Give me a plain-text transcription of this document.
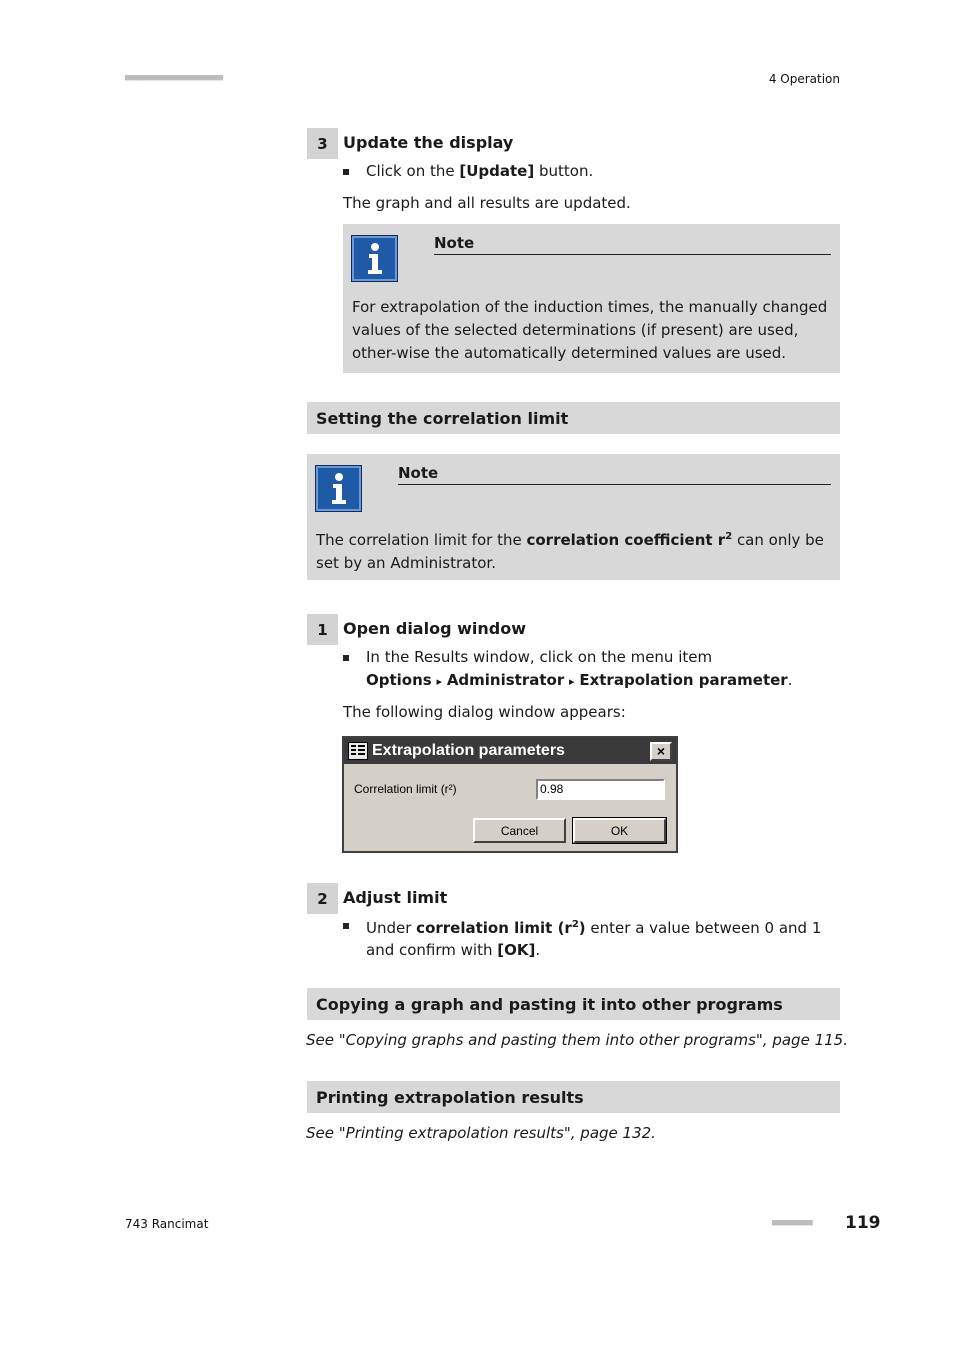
■■■■■■■■■■■■■■■■■■■■■■	4 Operation
3 Update the display
Click on the [Update] button.
The graph and all results are updated.
Note
For extrapolation of the induction times, the manually changed values of the selected determinations (if present) are used, other-wise the automatically determined values are used.
Setting the correlation limit
Note
The correlation limit for the correlation coefficient $r^2$ can only be set by an Administrator.
1 Open dialog window
In the Results window, click on the menu item
Options ▸ Administrator ▸ Extrapolation parameter.
The following dialog window appears:
Extrapolation parameters	×
Correlation limit (r²)	0.98
Cancel	OK
2 Adjust limit
Under correlation limit $(r^2)$ enter a value between 0 and 1 and confirm with [OK].
Copying a graph and pasting it into other programs
See "Copying graphs and pasting them into other programs", page 115.
Printing extrapolation results
See "Printing extrapolation results", page 132.
743 Rancimat	■■■■■■■■■ 119
